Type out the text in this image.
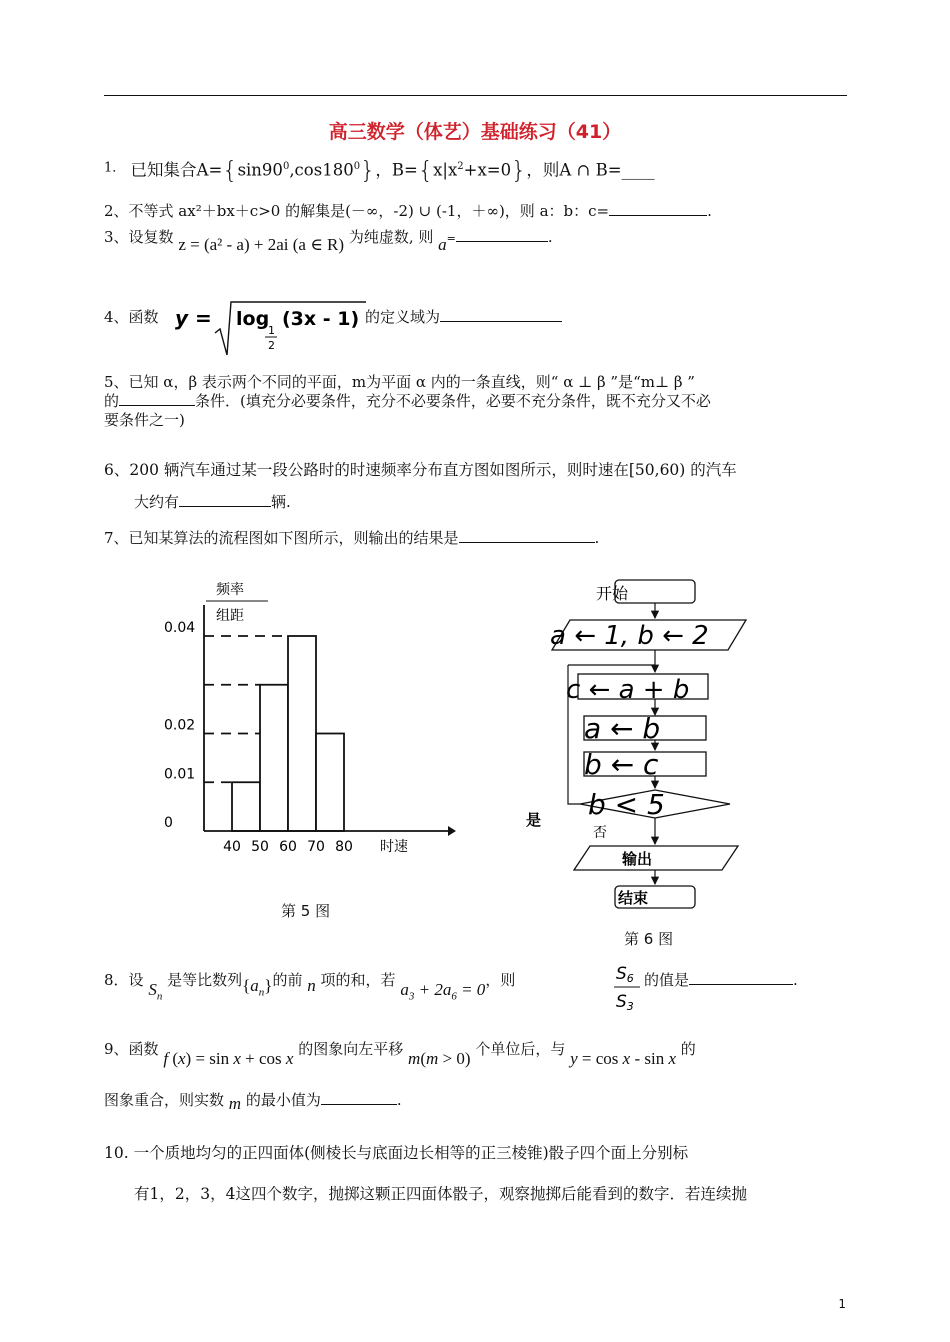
高三数学（体艺）基础练习（41）
$^{1.}$ 已知集合$A=\{\sin 90^0,\cos 180^0\}$，$B=\{x|x^2+x=0\}$，则A ∩ B=____
2、不等式 ax²＋bx＋c>0 的解集是(－∞，-2) ∪ (-1，＋∞)，则 a：b：c=	.
3、设复数 z = (a² - a) + 2ai (a ∈ R) 为纯虚数, 则 a=	.
4、函数 y = log
1
2
(3x - 1) 的定义域为
5、已知 α，β 表示两个不同的平面，m为平面 α 内的一条直线，则“ α ⊥ β ”是“m⊥ β ”
的	条件．(填充分必要条件，充分不必要条件，必要不充分条件，既不充分又不必
要条件之一)
6、200 辆汽车通过某一段公路时的时速频率分布直方图如图所示，则时速在[50,60) 的汽车
大约有	辆.
7、已知某算法的流程图如下图所示，则输出的结果是	.
频率
组距
0
0.01
0.02
0.04
40 50 60 70 80 时速
第 5 图
开始
a ← 1, b ← 2
c ← a + b
a ← b
b ← c
b < 5
是
否
输出
结束
第 6 图
8．设 $S_n$ 是等比数列$\{a_n\}$的前 n 项的和，若 $a_3 + 2a_6 = 0$，则	S6
S3
的值是	.
9、函数 f (x) = sin x + cos x 的图象向左平移 m(m > 0) 个单位后，与 y = cos x - sin x 的
图象重合，则实数 m 的最小值为	.
10. 一个质地均匀的正四面体(侧棱长与底面边长相等的正三棱锥)骰子四个面上分别标
有1，2，3，4这四个数字，抛掷这颗正四面体骰子，观察抛掷后能看到的数字．若连续抛
1
